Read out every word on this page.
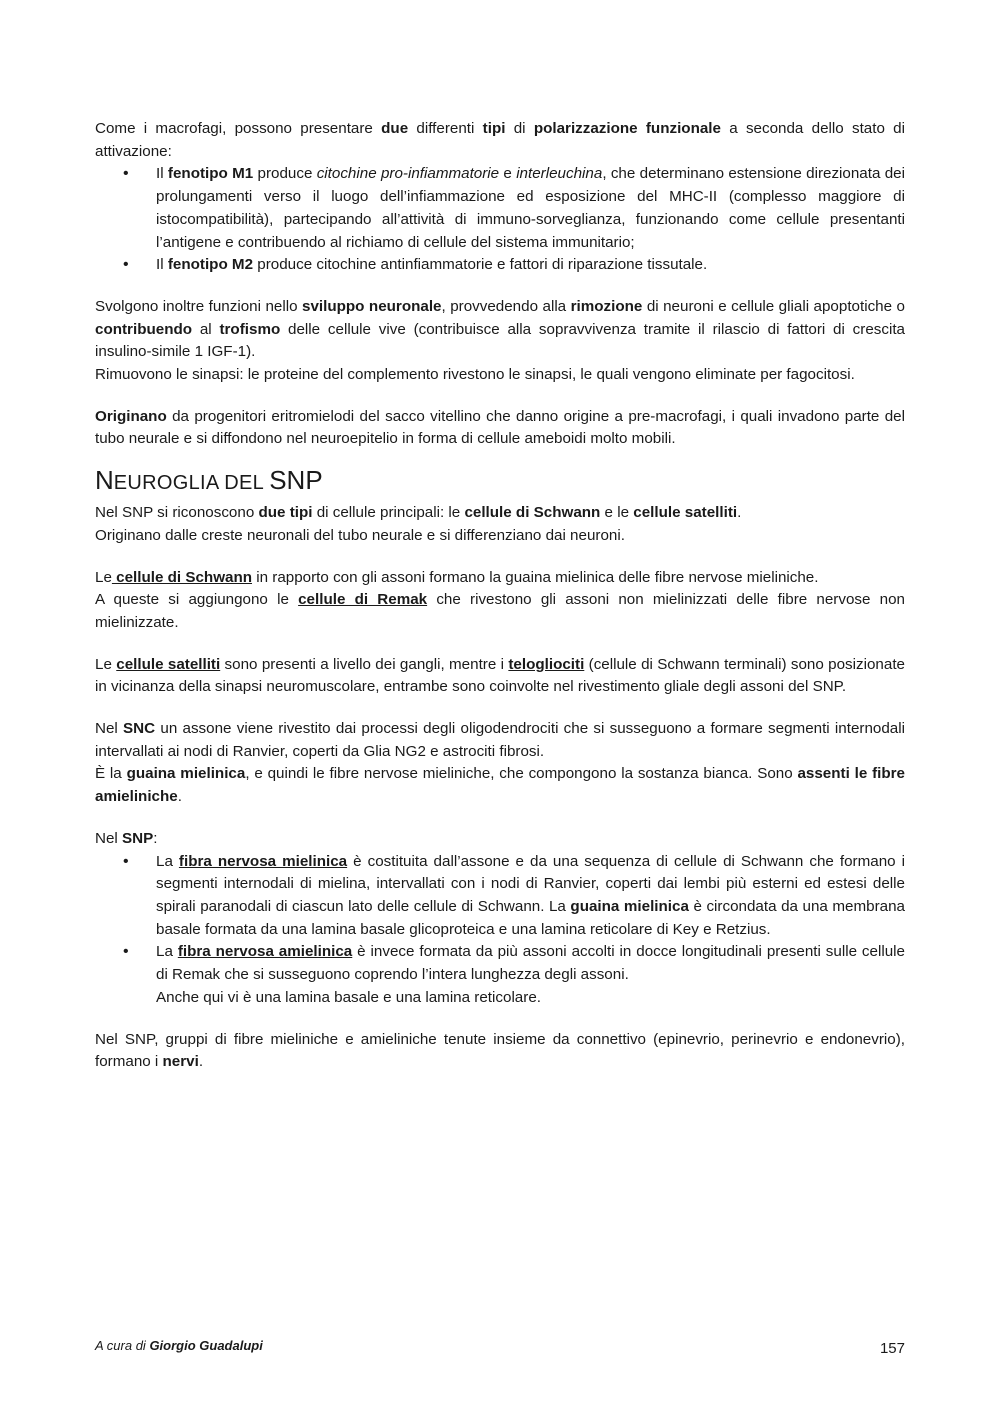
Come i macrofagi, possono presentare due differenti tipi di polarizzazione funzionale a seconda dello stato di attivazione:

• Il fenotipo M1 produce citochine pro-infiammatorie e interleuchina, che determinano estensione direzionata dei prolungamenti verso il luogo dell’infiammazione ed esposizione del MHC-II (complesso maggiore di istocompatibilità), partecipando all’attività di immuno-sorveglianza, funzionando come cellule presentanti l’antigene e contribuendo al richiamo di cellule del sistema immunitario;
• Il fenotipo M2 produce citochine antinfiammatorie e fattori di riparazione tissutale.

Svolgono inoltre funzioni nello sviluppo neuronale, provvedendo alla rimozione di neuroni e cellule gliali apoptotiche o contribuendo al trofismo delle cellule vive (contribuisce alla sopravvivenza tramite il rilascio di fattori di crescita insulino-simile 1 IGF-1).

Rimuovono le sinapsi: le proteine del complemento rivestono le sinapsi, le quali vengono eliminate per fagocitosi.

Originano da progenitori eritromielodi del sacco vitellino che danno origine a pre-macrofagi, i quali invadono parte del tubo neurale e si diffondono nel neuroepitelio in forma di cellule ameboidi molto mobili.

NEUROGLIA DEL SNP

Nel SNP si riconoscono due tipi di cellule principali: le cellule di Schwann e le cellule satelliti.

Originano dalle creste neuronali del tubo neurale e si differenziano dai neuroni.

Le cellule di Schwann in rapporto con gli assoni formano la guaina mielinica delle fibre nervose mieliniche.

A queste si aggiungono le cellule di Remak che rivestono gli assoni non mielinizzati delle fibre nervose non mielinizzate.

Le cellule satelliti sono presenti a livello dei gangli, mentre i telogliociti (cellule di Schwann terminali) sono posizionate in vicinanza della sinapsi neuromuscolare, entrambe sono coinvolte nel rivestimento gliale degli assoni del SNP.

Nel SNC un assone viene rivestito dai processi degli oligodendrociti che si susseguono a formare segmenti internodali intervallati ai nodi di Ranvier, coperti da Glia NG2 e astrociti fibrosi.

È la guaina mielinica, e quindi le fibre nervose mieliniche, che compongono la sostanza bianca. Sono assenti le fibre amieliniche.

Nel SNP:

• La fibra nervosa mielinica è costituita dall’assone e da una sequenza di cellule di Schwann che formano i segmenti internodali di mielina, intervallati con i nodi di Ranvier, coperti dai lembi più esterni ed estesi delle spirali paranodali di ciascun lato delle cellule di Schwann. La guaina mielinica è circondata da una membrana basale formata da una lamina basale glicoproteica e una lamina reticolare di Key e Retzius.
• La fibra nervosa amielinica è invece formata da più assoni accolti in docce longitudinali presenti sulle cellule di Remak che si susseguono coprendo l’intera lunghezza degli assoni.
Anche qui vi è una lamina basale e una lamina reticolare.

Nel SNP, gruppi di fibre mieliniche e amieliniche tenute insieme da connettivo (epinevrio, perinevrio e endonevrio), formano i nervi.

A cura di Giorgio Guadalupi	157
